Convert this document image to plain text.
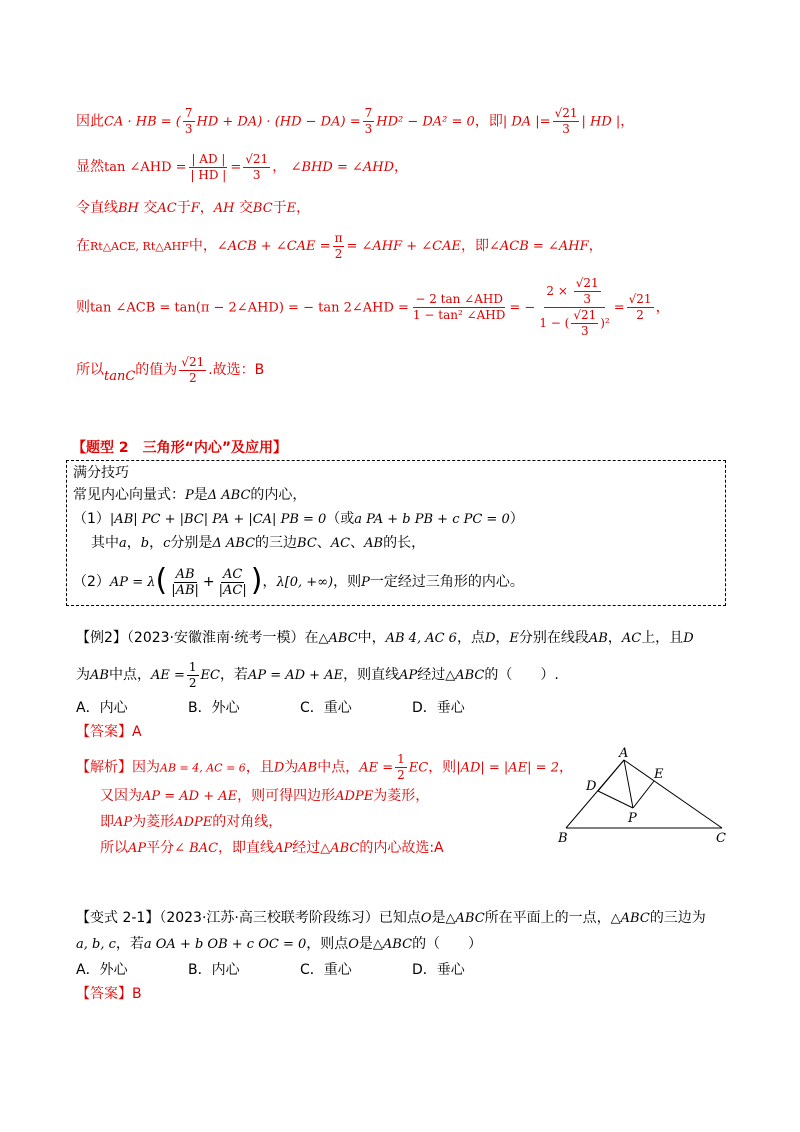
因此CA · HB = ( $\frac{7}{3}$ HD + $DA) \cdot (HD - DA) = \frac{7}{3} HD^2 - DA^2 = 0$，即| DA |= $\frac{√21}{3}$ | HD |，
显然tan ∠AHD = $\frac{| AD |}{| HD |} = \frac{√21}{3}$ ， ∠BHD = ∠AHD，
令直线BH 交AC于F，AH 交BC于E，
在Rt△ACE, Rt△AHF中，∠ACB + ∠CAE = $\frac{\pi}{2}$ = ∠AHF + ∠CAE，即∠ACB = ∠AHF，
则tan ∠ACB = tan(π − 2∠AHD) = − tan 2∠AHD = $\frac{\text{− 2 tan ∠AHD}}{\text{1 − tan² ∠AHD}}$ = − $\frac{2 \times \frac{√21}{3}}{1 - ( \frac{√21}{3} )^2} = \frac{√21}{2}$ ，
所以tanC的值为 $\frac{√21}{2}$ .故选：B
【题型 2　三角形“内心”及应用】
满分技巧
常见内心向量式：P是Δ ABC的内心，
（1）|AB| PC + |BC| PA + |CA| PB = 0（或a PA + b PB + c PC = 0）
其中a，b，c分别是Δ ABC的三边BC、AC、AB的长，
$(2)AP = \lambda( \frac{AB}{|AB|} + \frac{AC}{|AC|}$ )，λ[0, +∞)，则P一定经过三角形的内心。
【例2】（2023·安徽淮南·统考一模）在△ABC中，AB 4, AC 6，点D，E分别在线段AB，AC上，且D
为AB中点，AE = $\frac{1}{2}$ EC，若AP = AD + AE，则直线AP经过△ABC的（　　）.
A．内心	B．外心	C．重心	D．垂心
【答案】A
【解析】因为AB = 4, AC = 6，且D为AB中点，AE = $\frac{1}{2}$ EC，则|AD| = |AE| = 2，
又因为AP = AD + AE，则可得四边形ADPE为菱形，
即AP为菱形ADPE的对角线，
所以AP平分∠ BAC，即直线AP经过△ABC的内心故选:A
A
B	C
D
E
P
【变式 2-1】（2023·江苏·高三校联考阶段练习）已知点O是△ABC所在平面上的一点，△ABC的三边为
a, b, c，若a OA + b OB + c OC = 0，则点O是△ABC的（　　）
A．外心	B．内心	C．重心	D．垂心
【答案】B
